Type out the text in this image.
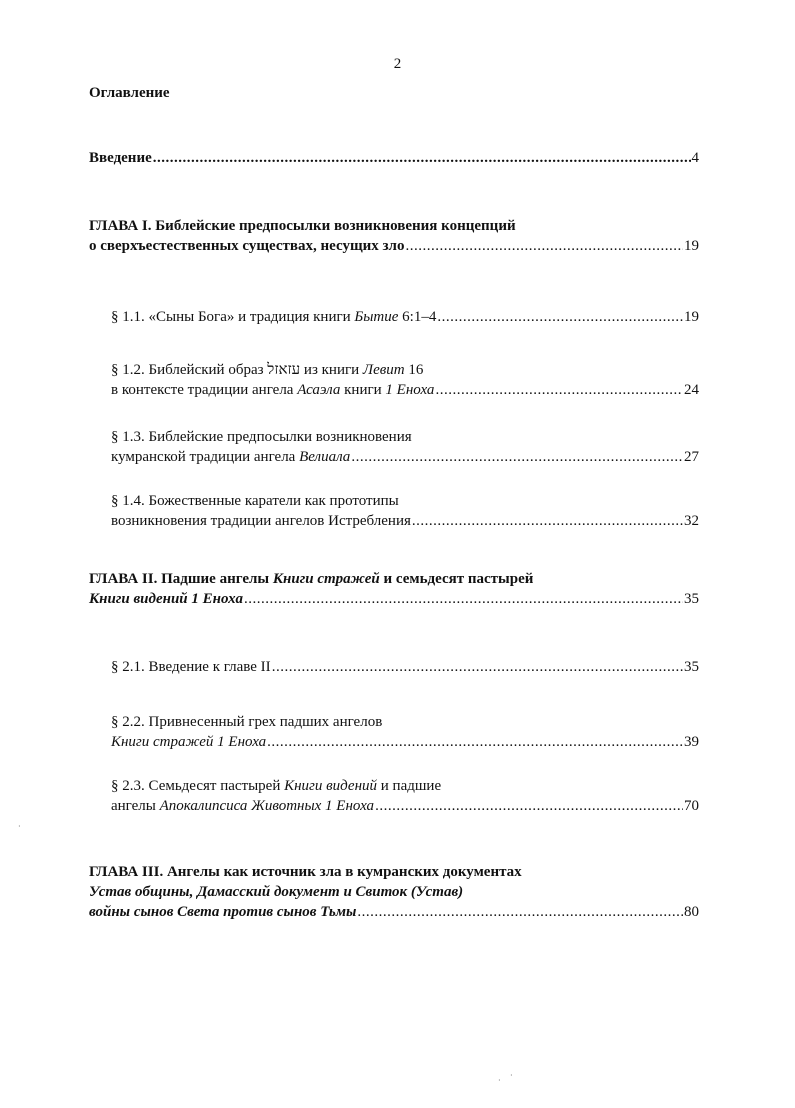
2
Оглавление
Введение .....	4
ГЛАВА I. Библейские предпосылки возникновения концепций
о сверхъестественных существах, несущих зло .....	19
§ 1.1. «Сыны Бога» и традиция книги Бытие 6:1–4 .....	19
§ 1.2. Библейский образ עזאזל из книги Левит 16
в контексте традиции ангела Асаэла книги 1 Еноха .....	24
§ 1.3. Библейские предпосылки возникновения
кумранской традиции ангела Велиала .....	27
§ 1.4. Божественные каратели как прототипы
возникновения традиции ангелов Истребления .....	32
ГЛАВА II. Падшие ангелы Книги стражей и семьдесят пастырей
Книги видений 1 Еноха .....	35
§ 2.1. Введение к главе II .....	35
§ 2.2. Привнесенный грех падших ангелов
Книги стражей 1 Еноха .....	39
§ 2.3. Семьдесят пастырей Книги видений и падшие
ангелы Апокалипсиса Животных 1 Еноха .....	70
ГЛАВА III. Ангелы как источник зла в кумранских документах
Устав общины, Дамасский документ и Свиток (Устав)
войны сынов Света против сынов Тьмы .....	80
·
·
·
